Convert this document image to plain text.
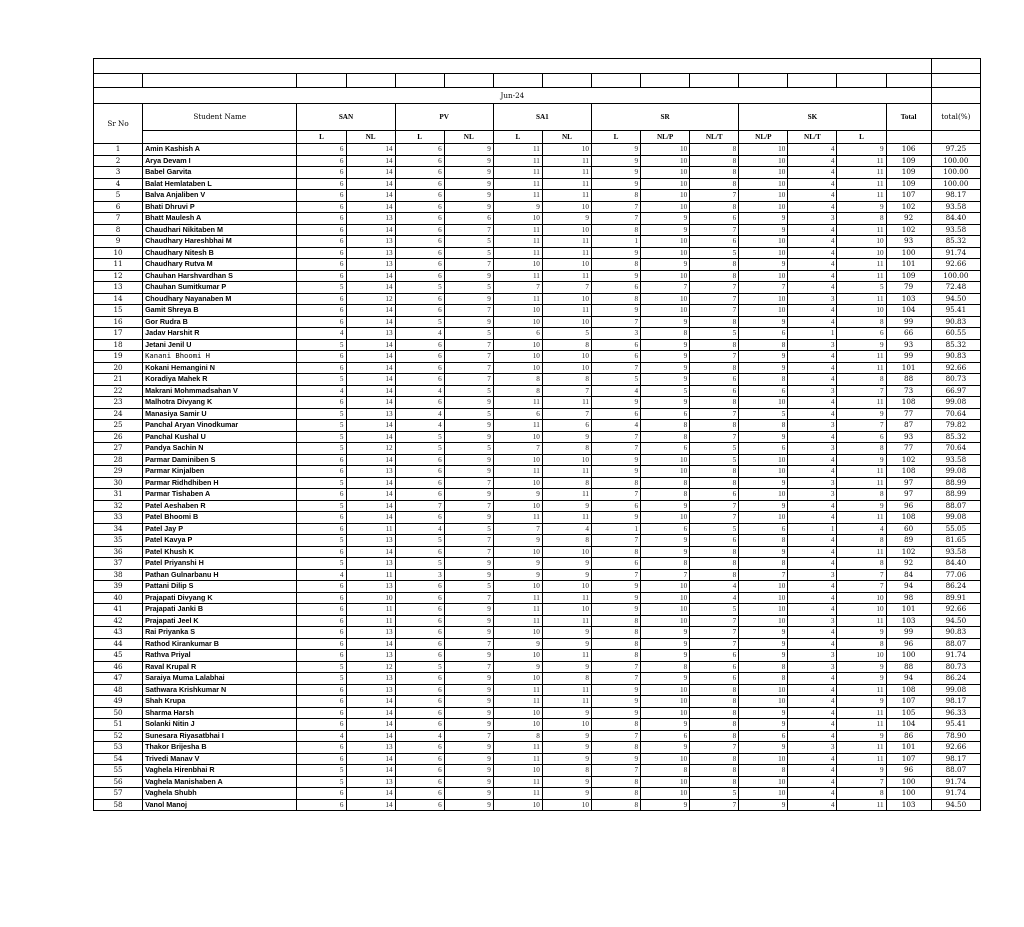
Jun-24															
Sr No	Student Name	SAN		PV		SA1		SR			SK			Total	total(%)
		L	NL	L	NL	L	NL	L	NL/P	NL/T	NL/P	NL/T	L		
1	Amin Kashish A	6	14	6	9	11	10	9	10	8	10	4	9	106	97.25
2	Arya Devam I	6	14	6	9	11	11	9	10	8	10	4	11	109	100.00
3	Babel Garvita	6	14	6	9	11	11	9	10	8	10	4	11	109	100.00
4	Balat Hemlataben L	6	14	6	9	11	11	9	10	8	10	4	11	109	100.00
5	Balva Anjaliben V	6	14	6	9	11	11	8	10	7	10	4	11	107	98.17
6	Bhati Dhruvi P	6	14	6	9	9	10	7	10	8	10	4	9	102	93.58
7	Bhatt Maulesh A	6	13	6	6	10	9	7	9	6	9	3	8	92	84.40
8	Chaudhari Nikitaben M	6	14	6	7	11	10	8	9	7	9	4	11	102	93.58
9	Chaudhary Hareshbhai M	6	13	6	5	11	11	1	10	6	10	4	10	93	85.32
10	Chaudhary Nitesh B	6	13	6	5	11	11	9	10	5	10	4	10	100	91.74
11	Chaudhary Rutva M	6	13	6	7	10	10	8	9	8	9	4	11	101	92.66
12	Chauhan Harshvardhan S	6	14	6	9	11	11	9	10	8	10	4	11	109	100.00
13	Chauhan Sumitkumar P	5	14	5	5	7	7	6	7	7	7	4	5	79	72.48
14	Choudhary Nayanaben M	6	12	6	9	11	10	8	10	7	10	3	11	103	94.50
15	Gamit Shreya B	6	14	6	7	10	11	9	10	7	10	4	10	104	95.41
16	Gor Rudra B	6	14	5	9	10	10	7	9	8	9	4	8	99	90.83
17	Jadav Harshit R	4	13	4	5	6	5	3	8	5	6	1	6	66	60.55
18	Jetani Jenil U	5	14	6	7	10	8	6	9	8	8	3	9	93	85.32
19	Kanani Bhoomi H	6	14	6	7	10	10	6	9	7	9	4	11	99	90.83
20	Kokani Hemangini N	6	14	6	7	10	10	7	9	8	9	4	11	101	92.66
21	Koradiya Mahek R	5	14	6	7	8	8	5	9	6	8	4	8	88	80.73
22	Makrani Mohmmadsahan V	4	14	4	5	8	7	4	5	6	6	3	7	73	66.97
23	Malhotra Divyang K	6	14	6	9	11	11	9	9	8	10	4	11	108	99.08
24	Manasiya Samir U	5	13	4	5	6	7	6	6	7	5	4	9	77	70.64
25	Panchal Aryan Vinodkumar	5	14	4	9	11	6	4	8	8	8	3	7	87	79.82
26	Panchal Kushal U	5	14	5	9	10	9	7	8	7	9	4	6	93	85.32
27	Pandya Sachin N	5	12	5	5	7	8	7	6	5	6	3	8	77	70.64
28	Parmar Daminiben S	6	14	6	9	10	10	9	10	5	10	4	9	102	93.58
29	Parmar Kinjalben	6	13	6	9	11	11	9	10	8	10	4	11	108	99.08
30	Parmar Ridhdhiben H	5	14	6	7	10	8	8	8	8	9	3	11	97	88.99
31	Parmar Tishaben A	6	14	6	9	9	11	7	8	6	10	3	8	97	88.99
32	Patel Aeshaben R	5	14	7	7	10	9	6	9	7	9	4	9	96	88.07
33	Patel Bhoomi B	6	14	6	9	11	11	9	10	7	10	4	11	108	99.08
34	Patel Jay P	6	11	4	5	7	4	1	6	5	6	1	4	60	55.05
35	Patel Kavya P	5	13	5	7	9	8	7	9	6	8	4	8	89	81.65
36	Patel Khush K	6	14	6	7	10	10	8	9	8	9	4	11	102	93.58
37	Patel Priyanshi H	5	13	5	9	9	9	6	8	8	8	4	8	92	84.40
38	Pathan Gulnarbanu H	4	11	3	9	9	9	7	7	8	7	3	7	84	77.06
39	Pattani Dilip S	6	13	6	5	10	10	9	10	4	10	4	7	94	86.24
40	Prajapati Divyang K	6	10	6	7	11	11	9	10	4	10	4	10	98	89.91
41	Prajapati Janki B	6	11	6	9	11	10	9	10	5	10	4	10	101	92.66
42	Prajapati Jeel K	6	11	6	9	11	11	8	10	7	10	3	11	103	94.50
43	Rai Priyanka S	6	13	6	9	10	9	8	9	7	9	4	9	99	90.83
44	Rathod Kirankumar B	6	14	6	7	9	9	8	9	7	9	4	8	96	88.07
45	Rathva Priyal	6	13	6	9	10	11	8	9	6	9	3	10	100	91.74
46	Raval Krupal R	5	12	5	7	9	9	7	8	6	8	3	9	88	80.73
47	Saraiya Muma Lalabhai	5	13	6	9	10	8	7	9	6	8	4	9	94	86.24
48	Sathwara Krishkumar N	6	13	6	9	11	11	9	10	8	10	4	11	108	99.08
49	Shah Krupa	6	14	6	9	11	11	9	10	8	10	4	9	107	98.17
50	Sharma Harsh	6	14	6	9	10	9	9	10	8	9	4	11	105	96.33
51	Solanki Nitin J	6	14	6	9	10	10	8	9	8	9	4	11	104	95.41
52	Sunesara Riyasatbhai I	4	14	4	7	8	9	7	6	8	6	4	9	86	78.90
53	Thakor Brijesha B	6	13	6	9	11	9	8	9	7	9	3	11	101	92.66
54	Trivedi Manav V	6	14	6	9	11	9	9	10	8	10	4	11	107	98.17
55	Vaghela Hirenbhai R	5	14	6	9	10	8	7	8	8	8	4	9	96	88.07
56	Vaghela Manishaben A	5	13	6	9	11	9	8	10	8	10	4	7	100	91.74
57	Vaghela Shubh	6	14	6	9	11	9	8	10	5	10	4	8	100	91.74
58	Vanol Manoj	6	14	6	9	10	10	8	9	7	9	4	11	103	94.50
